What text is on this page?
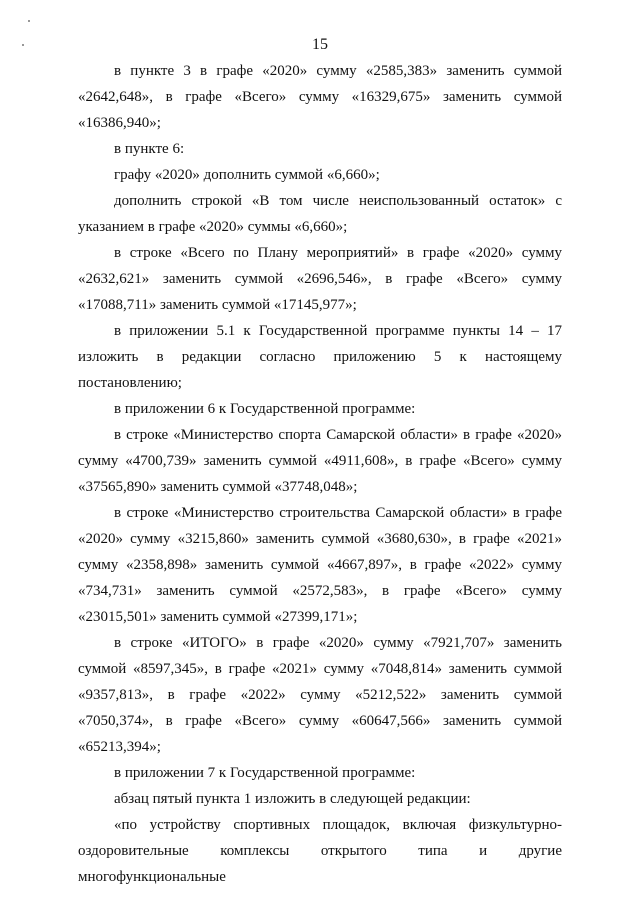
15

в пункте 3 в графе «2020» сумму «2585,383» заменить суммой «2642,648», в графе «Всего» сумму «16329,675» заменить суммой «16386,940»;

в пункте 6:

графу «2020» дополнить суммой «6,660»;

дополнить строкой «В том числе неиспользованный остаток» с указанием в графе «2020» суммы «6,660»;

в строке «Всего по Плану мероприятий» в графе «2020» сумму «2632,621» заменить суммой «2696,546», в графе «Всего» сумму «17088,711» заменить суммой «17145,977»;

в приложении 5.1 к Государственной программе пункты 14 – 17 изложить в редакции согласно приложению 5 к настоящему постановлению;

в приложении 6 к Государственной программе:

в строке «Министерство спорта Самарской области» в графе «2020» сумму «4700,739» заменить суммой «4911,608», в графе «Всего» сумму «37565,890» заменить суммой «37748,048»;

в строке «Министерство строительства Самарской области» в графе «2020» сумму «3215,860» заменить суммой «3680,630», в графе «2021» сумму «2358,898» заменить суммой «4667,897», в графе «2022» сумму «734,731» заменить суммой «2572,583», в графе «Всего» сумму «23015,501» заменить суммой «27399,171»;

в строке «ИТОГО» в графе «2020» сумму «7921,707» заменить суммой «8597,345», в графе «2021» сумму «7048,814» заменить суммой «9357,813», в графе «2022» сумму «5212,522» заменить суммой «7050,374», в графе «Всего» сумму «60647,566» заменить суммой «65213,394»;

в приложении 7 к Государственной программе:

абзац пятый пункта 1 изложить в следующей редакции:

«по устройству спортивных площадок, включая физкультурно-оздоровительные комплексы открытого типа и другие многофункциональные
